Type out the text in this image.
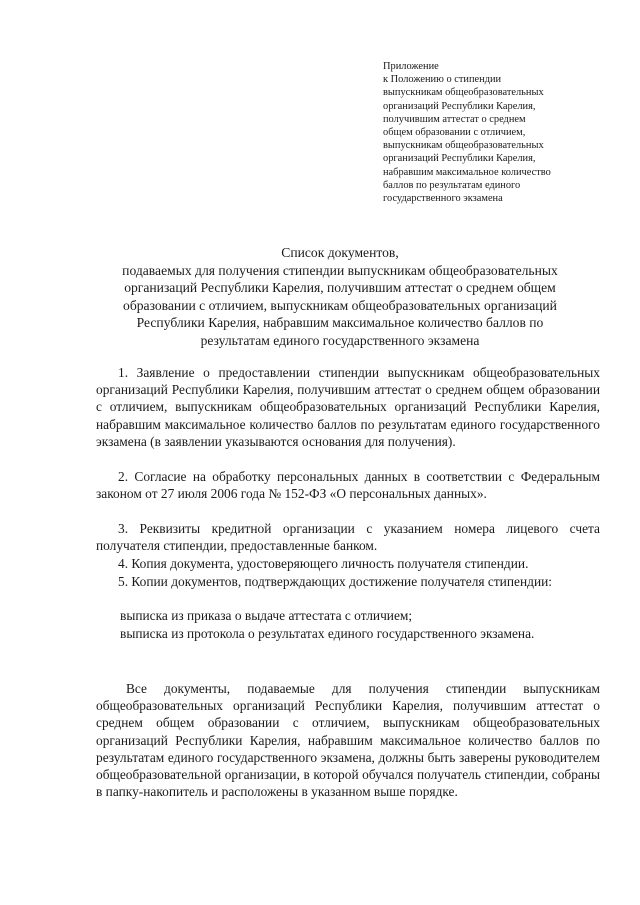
Приложение
к Положению о стипендии
выпускникам общеобразовательных
организаций Республики Карелия,
получившим аттестат о среднем
общем образовании с отличием,
выпускникам общеобразовательных
организаций Республики Карелия,
набравшим максимальное количество
баллов по результатам единого
государственного экзамена
Список документов,
подаваемых для получения стипендии выпускникам общеобразовательных
организаций Республики Карелия, получившим аттестат о среднем общем
образовании с отличием, выпускникам общеобразовательных организаций
Республики Карелия, набравшим максимальное количество баллов по
результатам единого государственного экзамена
1. Заявление о предоставлении стипендии выпускникам общеобразовательных организаций Республики Карелия, получившим аттестат о среднем общем образовании с отличием, выпускникам общеобразовательных организаций Республики Карелия, набравшим максимальное количество баллов по результатам единого государственного экзамена (в заявлении указываются основания для получения).
2. Согласие на обработку персональных данных в соответствии с Федеральным законом от 27 июля 2006 года № 152-ФЗ «О персональных данных».
3. Реквизиты кредитной организации с указанием номера лицевого счета получателя стипендии, предоставленные банком.
4. Копия документа, удостоверяющего личность получателя стипендии.
5. Копии документов, подтверждающих достижение получателя стипендии:
выписка из приказа о выдаче аттестата с отличием;
выписка из протокола о результатах единого государственного экзамена.
Все документы, подаваемые для получения стипендии выпускникам общеобразовательных организаций Республики Карелия, получившим аттестат о среднем общем образовании с отличием, выпускникам общеобразовательных организаций Республики Карелия, набравшим максимальное количество баллов по результатам единого государственного экзамена, должны быть заверены руководителем общеобразовательной организации, в которой обучался получатель стипендии, собраны в папку-накопитель и расположены в указанном выше порядке.
